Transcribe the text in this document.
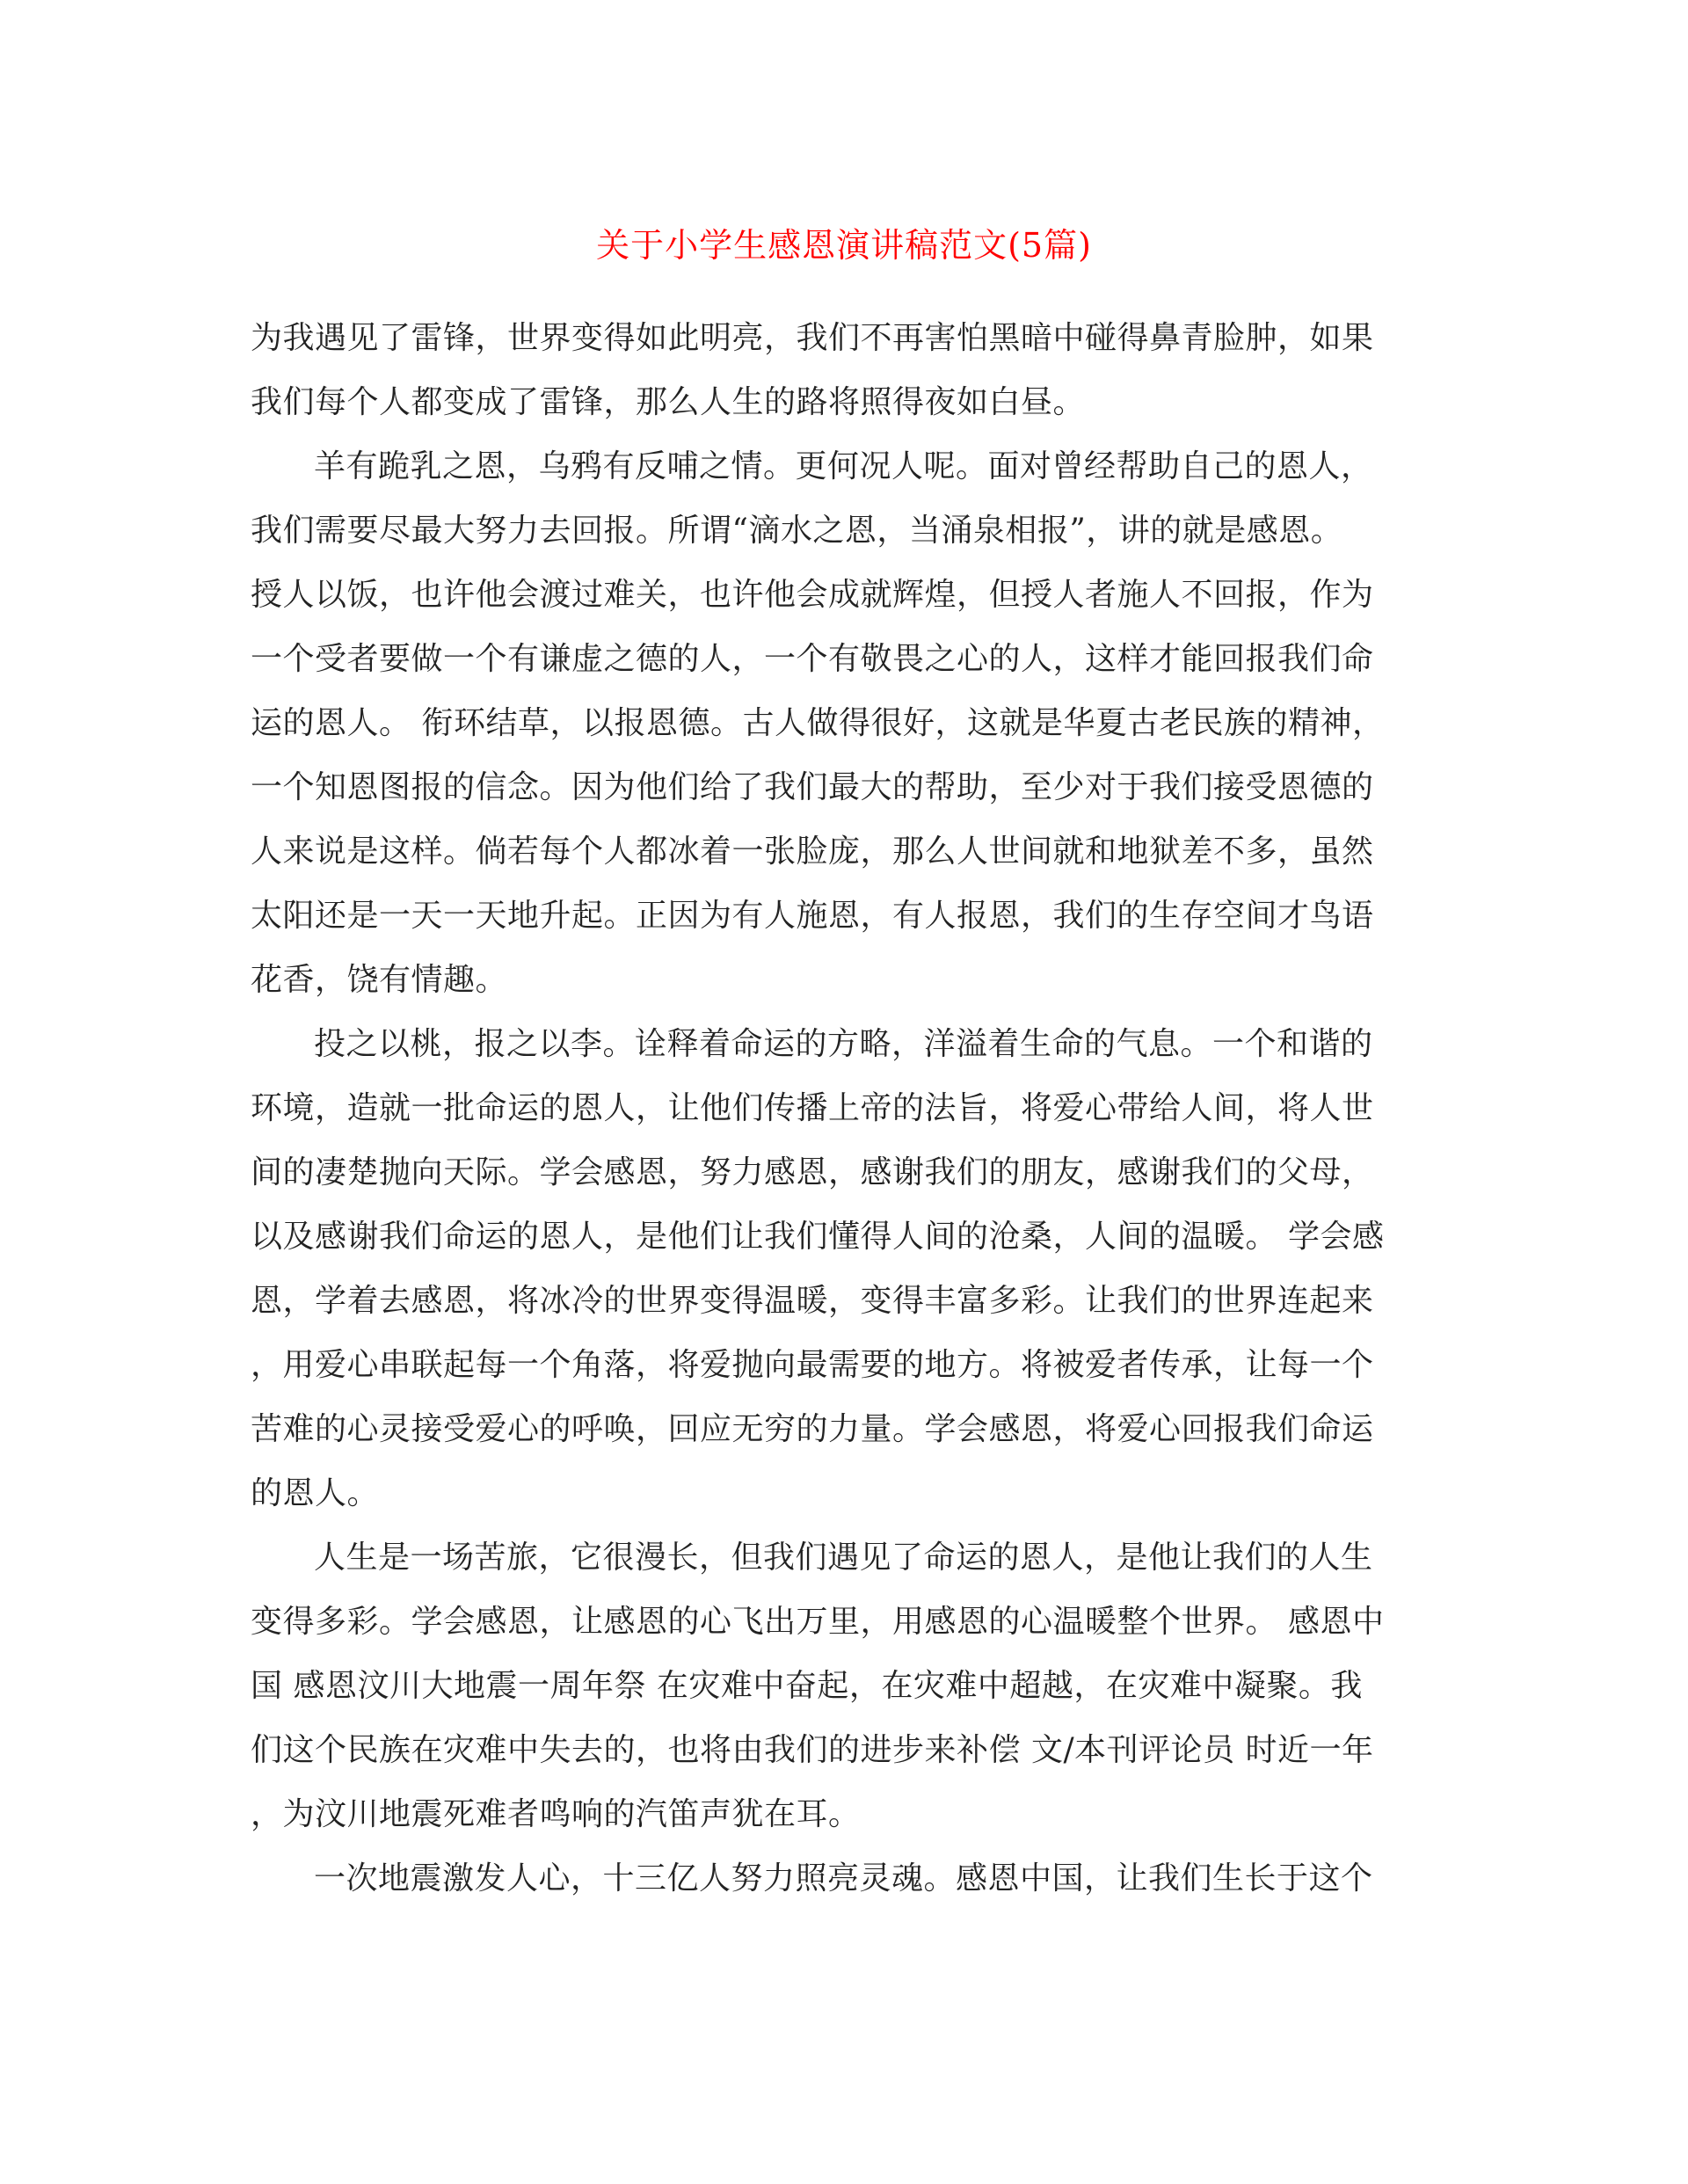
关于小学生感恩演讲稿范文(5篇)
为我遇见了雷锋，世界变得如此明亮，我们不再害怕黑暗中碰得鼻青脸肿，如果
我们每个人都变成了雷锋，那么人生的路将照得夜如白昼。
羊有跪乳之恩，乌鸦有反哺之情。更何况人呢。面对曾经帮助自己的恩人，
我们需要尽最大努力去回报。所谓“滴水之恩，当涌泉相报”，讲的就是感恩。
授人以饭，也许他会渡过难关，也许他会成就辉煌，但授人者施人不回报，作为
一个受者要做一个有谦虚之德的人，一个有敬畏之心的人，这样才能回报我们命
运的恩人。 衔环结草，以报恩德。古人做得很好，这就是华夏古老民族的精神，
一个知恩图报的信念。因为他们给了我们最大的帮助，至少对于我们接受恩德的
人来说是这样。倘若每个人都冰着一张脸庞，那么人世间就和地狱差不多，虽然
太阳还是一天一天地升起。正因为有人施恩，有人报恩，我们的生存空间才鸟语
花香，饶有情趣。
投之以桃，报之以李。诠释着命运的方略，洋溢着生命的气息。一个和谐的
环境，造就一批命运的恩人，让他们传播上帝的法旨，将爱心带给人间，将人世
间的凄楚抛向天际。学会感恩，努力感恩，感谢我们的朋友，感谢我们的父母，
以及感谢我们命运的恩人，是他们让我们懂得人间的沧桑，人间的温暖。 学会感
恩，学着去感恩，将冰冷的世界变得温暖，变得丰富多彩。让我们的世界连起来
，用爱心串联起每一个角落，将爱抛向最需要的地方。将被爱者传承，让每一个
苦难的心灵接受爱心的呼唤，回应无穷的力量。学会感恩，将爱心回报我们命运
的恩人。
人生是一场苦旅，它很漫长，但我们遇见了命运的恩人，是他让我们的人生
变得多彩。学会感恩，让感恩的心飞出万里，用感恩的心温暖整个世界。 感恩中
国 感恩汶川大地震一周年祭 在灾难中奋起，在灾难中超越，在灾难中凝聚。我
们这个民族在灾难中失去的，也将由我们的进步来补偿 文/本刊评论员 时近一年
，为汶川地震死难者鸣响的汽笛声犹在耳。
一次地震激发人心，十三亿人努力照亮灵魂。感恩中国，让我们生长于这个
